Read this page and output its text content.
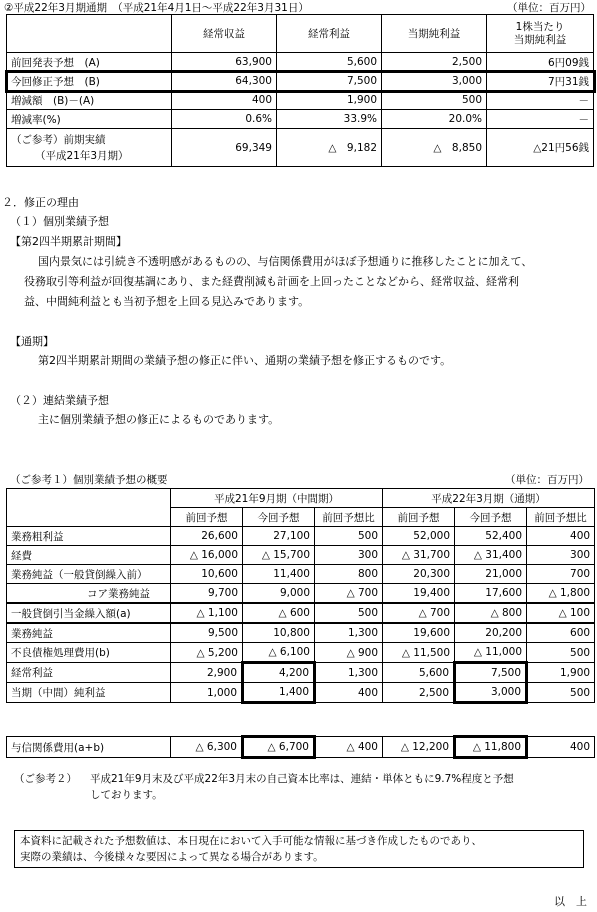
②平成22年3月期通期　（平成21年4月1日～平成22年3月31日）	（単位：百万円）
	経常収益	経常利益	当期純利益	1株当たり
当期純利益

前回発表予想　(A)	63,900	5,600	2,500	6円09銭
今回修正予想　(B)	64,300	7,500	3,000	7円31銭
増減額　(B)－(A)	400	1,900	500	－
増減率(%)	0.6%	33.9%	20.0%	－

（ご参考）前期実績
（平成21年3月期）	69,349	△　9,182	△　8,850	△21円56銭
２．修正の理由
（１）個別業績予想
【第2四半期累計期間】
国内景気には引続き不透明感があるものの、与信関係費用がほぼ予想通りに推移したことに加えて、
役務取引等利益が回復基調にあり、また経費削減も計画を上回ったことなどから、経常収益、経常利
益、中間純利益とも当初予想を上回る見込みであります。
【通期】
第2四半期累計期間の業績予想の修正に伴い、通期の業績予想を修正するものです。
（２）連結業績予想
主に個別業績予想の修正によるものであります。
（ご参考１）個別業績予想の概要	（単位：百万円）
	平成21年9月期（中間期）			平成22年3月期（通期）		
	前回予想	今回予想	前回予想比	前回予想	今回予想	前回予想比
業務粗利益	26,600	27,100	500	52,000	52,400	400
経費	△ 16,000	△ 15,700	300	△ 31,700	△ 31,400	300
業務純益（一般貸倒繰入前）	10,600	11,400	800	20,300	21,000	700
コア業務純益	9,700	9,000	△ 700	19,400	17,600	△ 1,800
一般貸倒引当金繰入額(a)	△ 1,100	△ 600	500	△ 700	△ 800	△ 100
業務純益	9,500	10,800	1,300	19,600	20,200	600
不良債権処理費用(b)	△ 5,200	△ 6,100	△ 900	△ 11,500	△ 11,000	500
経常利益	2,900	4,200	1,300	5,600	7,500	1,900
当期（中間）純利益	1,000	1,400	400	2,500	3,000	500
与信関係費用(a+b)	△ 6,300	△ 6,700	△ 400	△ 12,200	△ 11,800	400
（ご参考２） 平成21年9月末及び平成22年3月末の自己資本比率は、連結・単体ともに9.7%程度と予想
しております。
本資料に記載された予想数値は、本日現在において入手可能な情報に基づき作成したものであり、
実際の業績は、今後様々な要因によって異なる場合があります。
以　上
